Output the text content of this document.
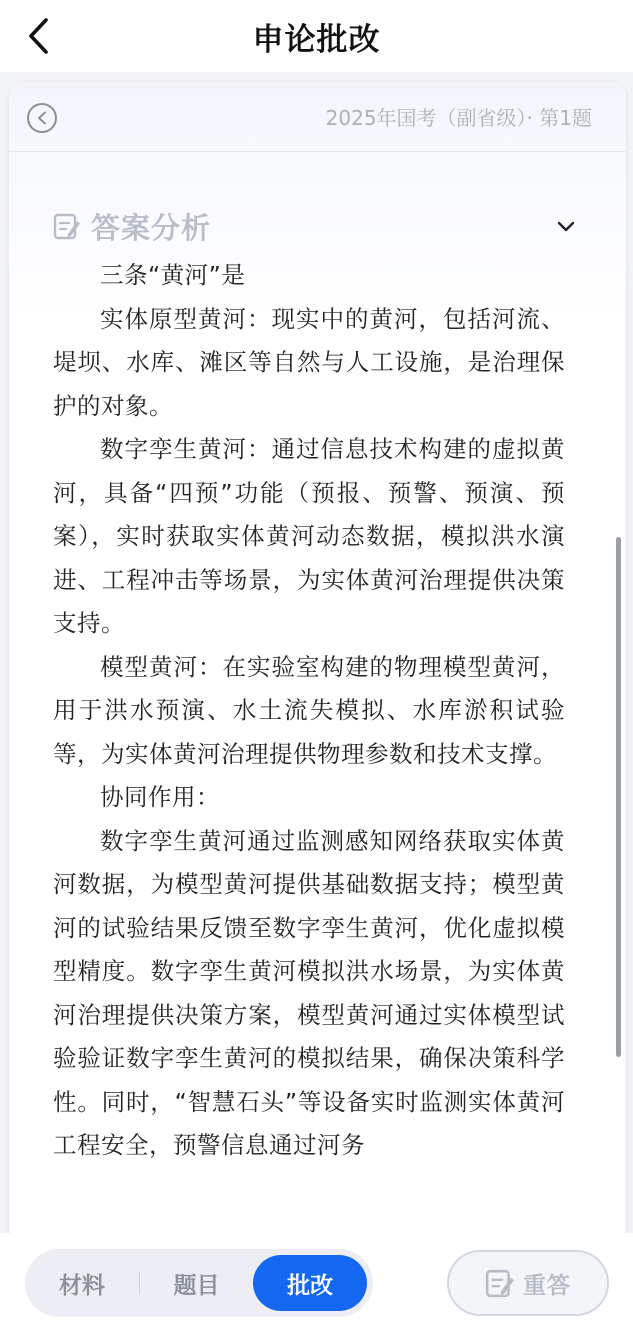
申论批改
2025年国考（副省级）· 第1题
答案分析

三条“黄河”是

实体原型黄河：现实中的黄河，包括河流、堤坝、水库、滩区等自然与人工设施，是治理保护的对象。

数字孪生黄河：通过信息技术构建的虚拟黄河，具备“四预”功能（预报、预警、预演、预案），实时获取实体黄河动态数据，模拟洪水演进、工程冲击等场景，为实体黄河治理提供决策支持。

模型黄河：在实验室构建的物理模型黄河，用于洪水预演、水土流失模拟、水库淤积试验等，为实体黄河治理提供物理参数和技术支撑。

协同作用：

数字孪生黄河通过监测感知网络获取实体黄河数据，为模型黄河提供基础数据支持；模型黄河的试验结果反馈至数字孪生黄河，优化虚拟模型精度。数字孪生黄河模拟洪水场景，为实体黄河治理提供决策方案，模型黄河通过实体模型试验验证数字孪生黄河的模拟结果，确保决策科学性。同时，“智慧石头”等设备实时监测实体黄河工程安全，预警信息通过河务

材料	题目	批改	重答
